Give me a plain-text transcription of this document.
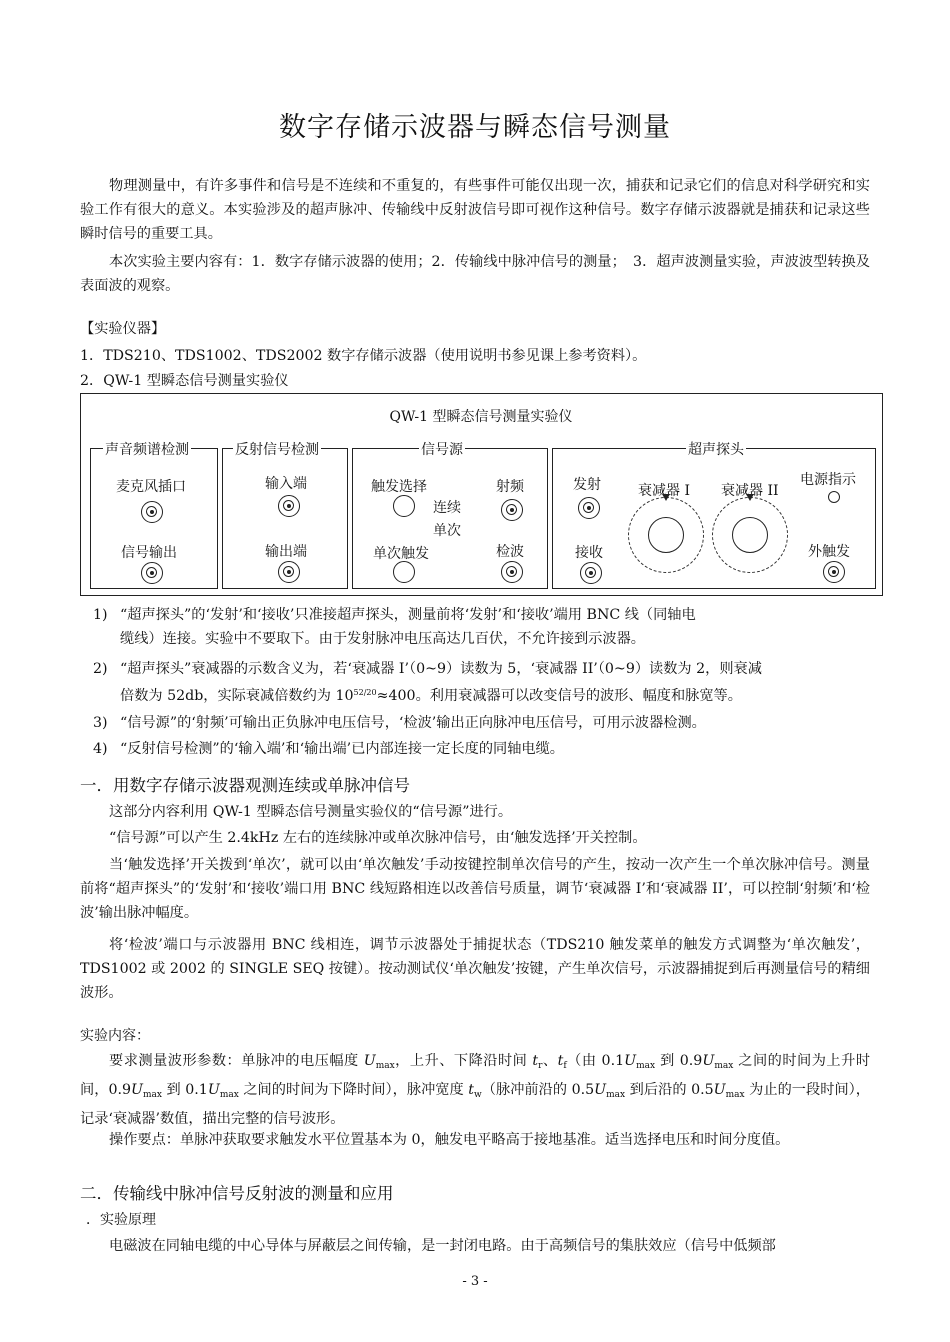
数字存储示波器与瞬态信号测量
物理测量中，有许多事件和信号是不连续和不重复的，有些事件可能仅出现一次，捕获和记录它们的信息对科学研究和实验工作有很大的意义。本实验涉及的超声脉冲、传输线中反射波信号即可视作这种信号。数字存储示波器就是捕获和记录这些瞬时信号的重要工具。
本次实验主要内容有：1．数字存储示波器的使用；2．传输线中脉冲信号的测量；　3．超声波测量实验，声波波型转换及表面波的观察。
【实验仪器】
1．TDS210、TDS1002、TDS2002 数字存储示波器（使用说明书参见课上参考资料）。
2．QW-1 型瞬态信号测量实验仪
QW-1 型瞬态信号测量实验仪
声音频谱检测
麦克风插口
信号输出
反射信号检测
输入端
输出端
信号源
触发选择
连续
单次
单次触发
射频
检波
超声探头
发射
接收
衰减器 I 衰减器 II
电源指示
外触发
1) “超声探头”的‘发射’和‘接收’只准接超声探头，测量前将‘发射’和‘接收’端用 BNC 线（同轴电
缆线）连接。实验中不要取下。由于发射脉冲电压高达几百伏，不允许接到示波器。
2) “超声探头”衰减器的示数含义为，若‘衰减器 I’（0~9）读数为 5，‘衰减器 II’（0~9）读数为 2，则衰减
倍数为 52db，实际衰减倍数约为 $10^{52/20}\approx 400$。利用衰减器可以改变信号的波形、幅度和脉宽等。
3) “信号源”的‘射频’可输出正负脉冲电压信号，‘检波’输出正向脉冲电压信号，可用示波器检测。
4) “反射信号检测”的‘输入端’和‘输出端’已内部连接一定长度的同轴电缆。
一．用数字存储示波器观测连续或单脉冲信号
这部分内容利用 QW-1 型瞬态信号测量实验仪的“信号源”进行。
“信号源”可以产生 2.4kHz 左右的连续脉冲或单次脉冲信号，由‘触发选择’开关控制。
当‘触发选择’开关拨到‘单次’，就可以由‘单次触发’手动按键控制单次信号的产生，按动一次产生一个单次脉冲信号。测量前将“超声探头”的‘发射’和‘接收’端口用 BNC 线短路相连以改善信号质量，调节‘衰减器 I’和‘衰减器 II’，可以控制‘射频’和‘检波’输出脉冲幅度。
将‘检波’端口与示波器用 BNC 线相连，调节示波器处于捕捉状态（TDS210 触发菜单的触发方式调整为‘单次触发’，TDS1002 或 2002 的 SINGLE SEQ 按键）。按动测试仪‘单次触发’按键，产生单次信号，示波器捕捉到后再测量信号的精细波形。
实验内容：
要求测量波形参数：单脉冲的电压幅度 $U_{max}$，上升、下降沿时间 $t_r$、$t_f$（由 $0.1U_{max}$ 到 $0.9U_{max}$ 之间的时间为上升时间，$0.9U_{max}$ 到 $0.1U_{max}$ 之间的时间为下降时间），脉冲宽度 $t_w$（脉冲前沿的 $0.5U_{max}$ 到后沿的 $0.5U_{max}$ 为止的一段时间），记录‘衰减器’数值，描出完整的信号波形。
操作要点：单脉冲获取要求触发水平位置基本为 0，触发电平略高于接地基准。适当选择电压和时间分度值。
二．传输线中脉冲信号反射波的测量和应用
．实验原理
电磁波在同轴电缆的中心导体与屏蔽层之间传输，是一封闭电路。由于高频信号的集肤效应（信号中低频部
- 3 -
